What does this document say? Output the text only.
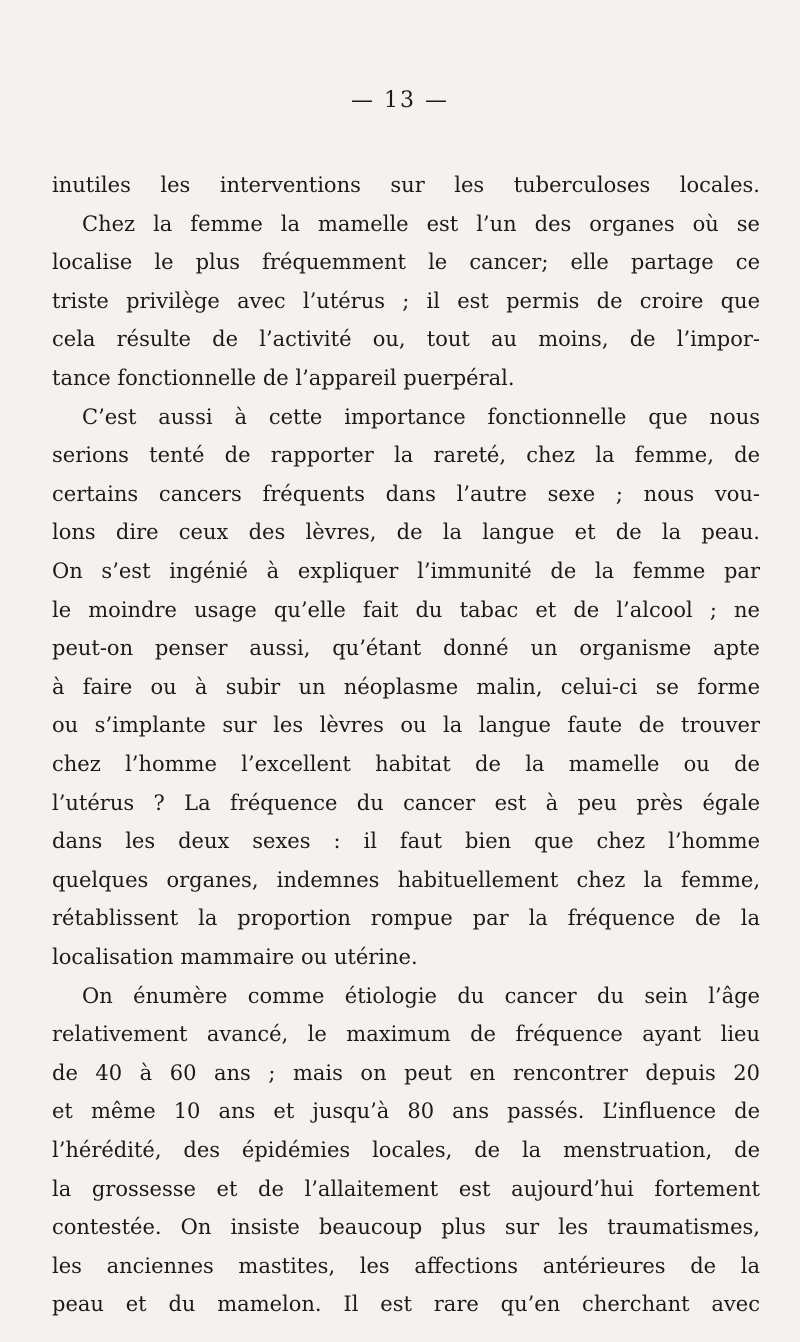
— 13 —
inutiles les interventions sur les tuberculoses locales.
Chez la femme la mamelle est l’un des organes où se
localise le plus fréquemment le cancer; elle partage ce
triste privilège avec l’utérus ; il est permis de croire que
cela résulte de l’activité ou, tout au moins, de l’impor-
tance fonctionnelle de l’appareil puerpéral.
C’est aussi à cette importance fonctionnelle que nous
serions tenté de rapporter la rareté, chez la femme, de
certains cancers fréquents dans l’autre sexe ; nous vou-
lons dire ceux des lèvres, de la langue et de la peau.
On s’est ingénié à expliquer l’immunité de la femme par
le moindre usage qu’elle fait du tabac et de l’alcool ; ne
peut-on penser aussi, qu’étant donné un organisme apte
à faire ou à subir un néoplasme malin, celui-ci se forme
ou s’implante sur les lèvres ou la langue faute de trouver
chez l’homme l’excellent habitat de la mamelle ou de
l’utérus ? La fréquence du cancer est à peu près égale
dans les deux sexes : il faut bien que chez l’homme
quelques organes, indemnes habituellement chez la femme,
rétablissent la proportion rompue par la fréquence de la
localisation mammaire ou utérine.
On énumère comme étiologie du cancer du sein l’âge
relativement avancé, le maximum de fréquence ayant lieu
de 40 à 60 ans ; mais on peut en rencontrer depuis 20
et même 10 ans et jusqu’à 80 ans passés. L’influence de
l’hérédité, des épidémies locales, de la menstruation, de
la grossesse et de l’allaitement est aujourd’hui fortement
contestée. On insiste beaucoup plus sur les traumatismes,
les anciennes mastites, les affections antérieures de la
peau et du mamelon. Il est rare qu’en cherchant avec
